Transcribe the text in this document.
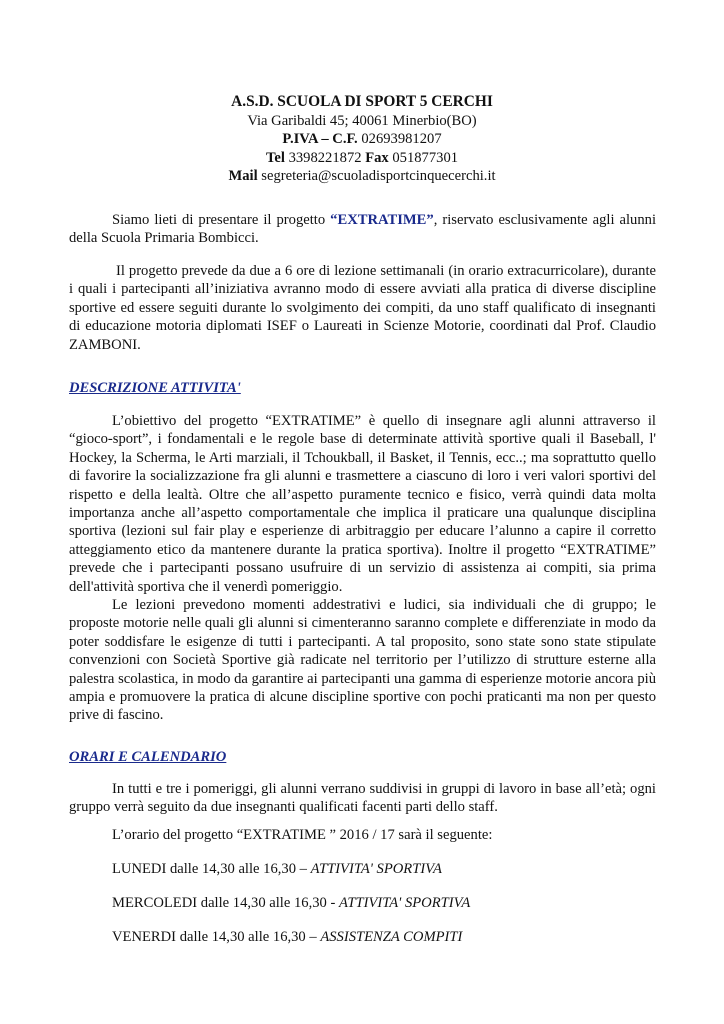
A.S.D. SCUOLA DI SPORT 5 CERCHI
Via Garibaldi 45; 40061 Minerbio(BO)
P.IVA – C.F. 02693981207
Tel 3398221872 Fax 051877301
Mail segreteria@scuoladisportcinquecerchi.it

Siamo lieti di presentare il progetto “EXTRATIME”, riservato esclusivamente agli alunni della Scuola Primaria Bombicci.

Il progetto prevede da due a 6 ore di lezione settimanali (in orario extracurricolare), durante i quali i partecipanti all’iniziativa avranno modo di essere avviati alla pratica di diverse discipline sportive ed essere seguiti durante lo svolgimento dei compiti, da uno staff qualificato di insegnanti di educazione motoria diplomati ISEF o Laureati in Scienze Motorie, coordinati dal Prof. Claudio ZAMBONI.

DESCRIZIONE ATTIVITA'

L’obiettivo del progetto “EXTRATIME” è quello di insegnare agli alunni attraverso il “gioco-sport”, i fondamentali e le regole base di determinate attività sportive quali il Baseball, l' Hockey, la Scherma, le Arti marziali, il Tchoukball, il Basket, il Tennis, ecc..; ma soprattutto quello di favorire la socializzazione fra gli alunni e trasmettere a ciascuno di loro i veri valori sportivi del rispetto e della lealtà. Oltre che all’aspetto puramente tecnico e fisico, verrà quindi data molta importanza anche all’aspetto comportamentale che implica il praticare una qualunque disciplina sportiva (lezioni sul fair play e esperienze di arbitraggio per educare l’alunno a capire il corretto atteggiamento etico da mantenere durante la pratica sportiva). Inoltre il progetto “EXTRATIME” prevede che i partecipanti possano usufruire di un servizio di assistenza ai compiti, sia prima dell'attività sportiva che il venerdì pomeriggio.

Le lezioni prevedono momenti addestrativi e ludici, sia individuali che di gruppo; le proposte motorie nelle quali gli alunni si cimenteranno saranno complete e differenziate in modo da poter soddisfare le esigenze di tutti i partecipanti. A tal proposito, sono state sono state stipulate convenzioni con Società Sportive già radicate nel territorio per l’utilizzo di strutture esterne alla palestra scolastica, in modo da garantire ai partecipanti una gamma di esperienze motorie ancora più ampia e promuovere la pratica di alcune discipline sportive con pochi praticanti ma non per questo prive di fascino.

ORARI E CALENDARIO

In tutti e tre i pomeriggi, gli alunni verrano suddivisi in gruppi di lavoro in base all’età; ogni gruppo verrà seguito da due insegnanti qualificati facenti parti dello staff.

L’orario del progetto “EXTRATIME ” 2016 / 17 sarà il seguente:

LUNEDI dalle 14,30 alle 16,30 – ATTIVITA' SPORTIVA

MERCOLEDI dalle 14,30 alle 16,30 - ATTIVITA' SPORTIVA

VENERDI dalle 14,30 alle 16,30 – ASSISTENZA COMPITI
